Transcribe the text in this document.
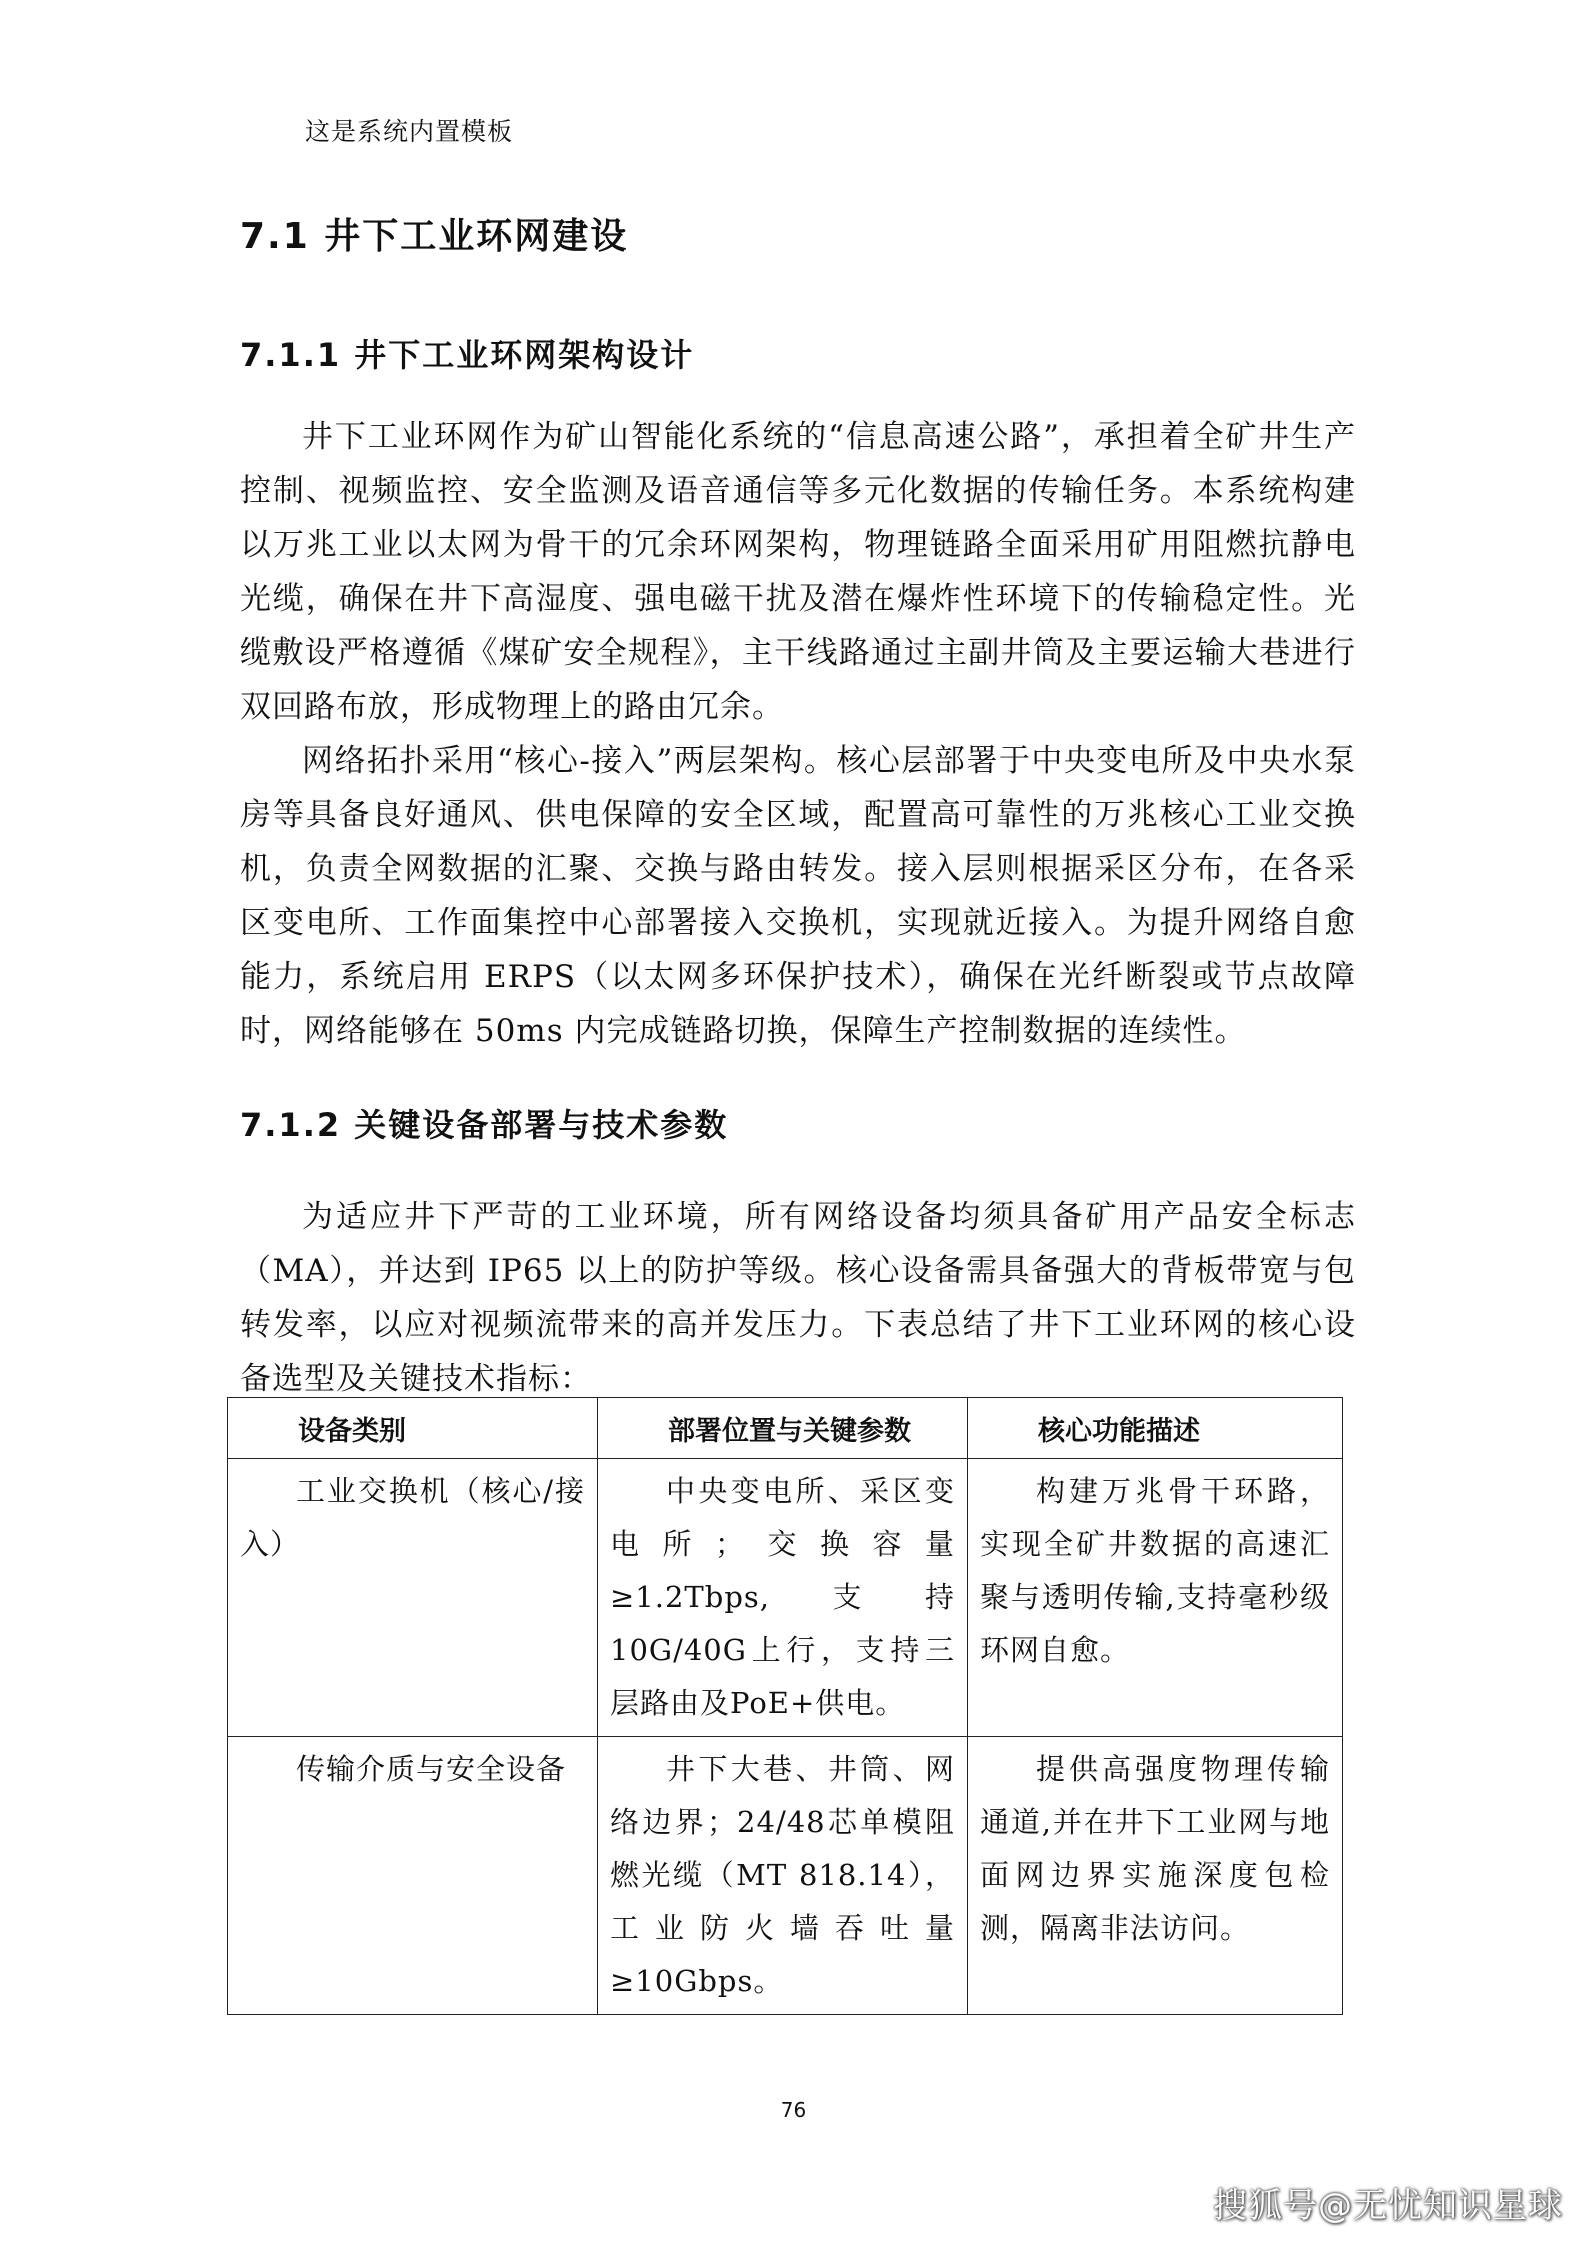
这是系统内置模板
7.1 井下工业环网建设
7.1.1 井下工业环网架构设计

井下工业环网作为矿山智能化系统的“信息高速公路”，承担着全矿井生产控制、视频监控、安全监测及语音通信等多元化数据的传输任务。本系统构建以万兆工业以太网为骨干的冗余环网架构，物理链路全面采用矿用阻燃抗静电光缆，确保在井下高湿度、强电磁干扰及潜在爆炸性环境下的传输稳定性。光缆敷设严格遵循《煤矿安全规程》，主干线路通过主副井筒及主要运输大巷进行双回路布放，形成物理上的路由冗余。

网络拓扑采用“核心-接入”两层架构。核心层部署于中央变电所及中央水泵房等具备良好通风、供电保障的安全区域，配置高可靠性的万兆核心工业交换机，负责全网数据的汇聚、交换与路由转发。接入层则根据采区分布，在各采区变电所、工作面集控中心部署接入交换机，实现就近接入。为提升网络自愈能力，系统启用 ERPS（以太网多环保护技术），确保在光纤断裂或节点故障时，网络能够在 50ms 内完成链路切换，保障生产控制数据的连续性。

7.1.2 关键设备部署与技术参数

为适应井下严苛的工业环境，所有网络设备均须具备矿用产品安全标志（MA），并达到 IP65 以上的防护等级。核心设备需具备强大的背板带宽与包转发率，以应对视频流带来的高并发压力。下表总结了井下工业环网的核心设备选型及关键技术指标：

设备类别	部署位置与关键参数	核心功能描述
工业交换机（核心/接入）	中央变电所、采区变电所；交换容量≥1.2Tbps,支持10G/40G上行，支持三层路由及PoE+供电。	构建万兆骨干环路，实现全矿井数据的高速汇聚与透明传输,支持毫秒级环网自愈。
传输介质与安全设备	井下大巷、井筒、网络边界；24/48芯单模阻燃光缆（MT 818.14），工业防火墙吞吐量≥10Gbps。	提供高强度物理传输通道,并在井下工业网与地面网边界实施深度包检测，隔离非法访问。
76
搜狐号@无忧知识星球
